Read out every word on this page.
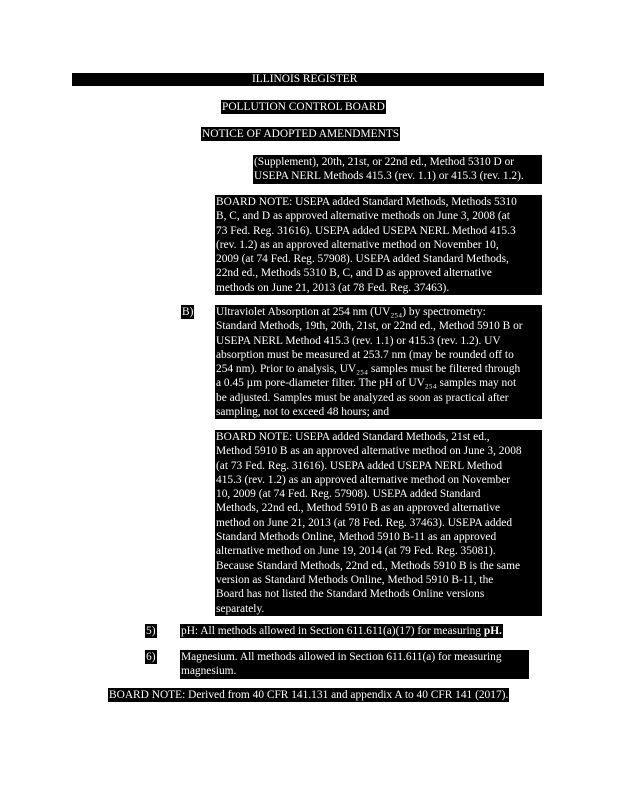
ILLINOIS REGISTER
POLLUTION CONTROL BOARD
NOTICE OF ADOPTED AMENDMENTS
(Supplement), 20th, 21st, or 22nd ed., Method 5310 D or
USEPA NERL Methods 415.3 (rev. 1.1) or 415.3 (rev. 1.2).
BOARD NOTE: USEPA added Standard Methods, Methods 5310
B, C, and D as approved alternative methods on June 3, 2008 (at
73 Fed. Reg. 31616). USEPA added USEPA NERL Method 415.3
(rev. 1.2) as an approved alternative method on November 10,
2009 (at 74 Fed. Reg. 57908). USEPA added Standard Methods,
22nd ed., Methods 5310 B, C, and D as approved alternative
methods on June 21, 2013 (at 78 Fed. Reg. 37463).
B) Ultraviolet Absorption at 254 nm (UV₂₅₄) by spectrometry:
Standard Methods, 19th, 20th, 21st, or 22nd ed., Method 5910 B or
USEPA NERL Method 415.3 (rev. 1.1) or 415.3 (rev. 1.2). UV
absorption must be measured at 253.7 nm (may be rounded off to
254 nm). Prior to analysis, UV₂₅₄ samples must be filtered through
a 0.45 µm pore-diameter filter. The pH of UV₂₅₄ samples may not
be adjusted. Samples must be analyzed as soon as practical after
sampling, not to exceed 48 hours; and
BOARD NOTE: USEPA added Standard Methods, 21st ed.,
Method 5910 B as an approved alternative method on June 3, 2008
(at 73 Fed. Reg. 31616). USEPA added USEPA NERL Method
415.3 (rev. 1.2) as an approved alternative method on November
10, 2009 (at 74 Fed. Reg. 57908). USEPA added Standard
Methods, 22nd ed., Method 5910 B as an approved alternative
method on June 21, 2013 (at 78 Fed. Reg. 37463). USEPA added
Standard Methods Online, Method 5910 B-11 as an approved
alternative method on June 19, 2014 (at 79 Fed. Reg. 35081).
Because Standard Methods, 22nd ed., Methods 5910 B is the same
version as Standard Methods Online, Method 5910 B-11, the
Board has not listed the Standard Methods Online versions
separately.
5) pH: All methods allowed in Section 611.611(a)(17) for measuring pH.
6) Magnesium. All methods allowed in Section 611.611(a) for measuring
magnesium.
BOARD NOTE: Derived from 40 CFR 141.131 and appendix A to 40 CFR 141 (2017).
·
